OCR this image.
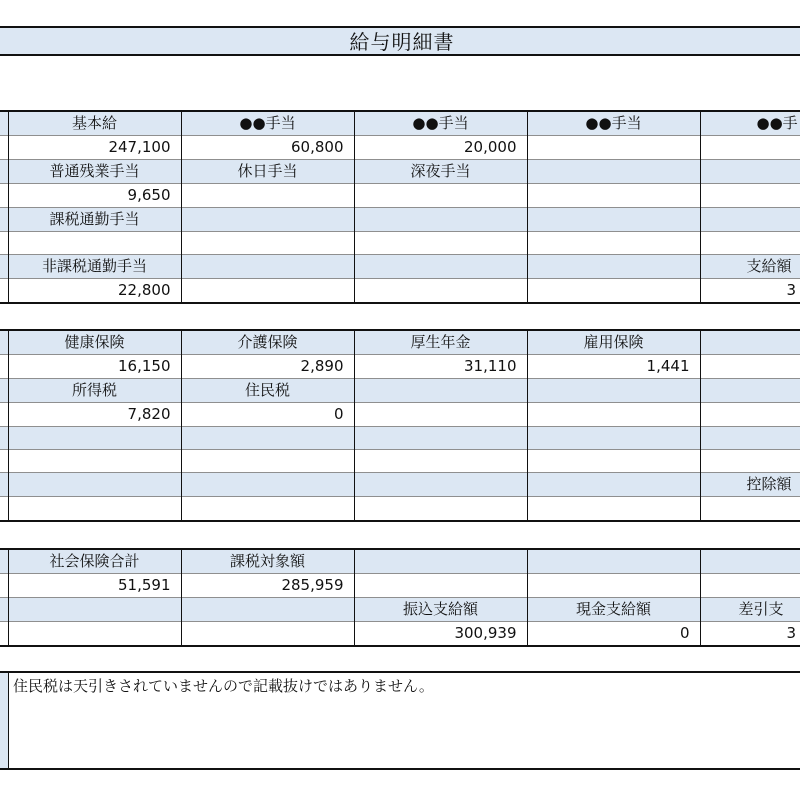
給与明細書
	基本給	●●手当	●●手当	●●手当	●●手
	247,100	60,800	20,000		
	普通残業手当	休日手当	深夜手当		
	9,650				
	課税通勤手当				

	非課税通勤手当				支給額
	22,800				3
	健康保険	介護保険	厚生年金	雇用保険	
	16,150	2,890	31,110	1,441	
	所得税	住民税			
	7,820	0			

					控除額

	社会保険合計	課税対象額			
	51,591	285,959			
			振込支給額	現金支給額	差引支
			300,939	0	3
住民税は天引きされていませんので記載抜けではありません。
